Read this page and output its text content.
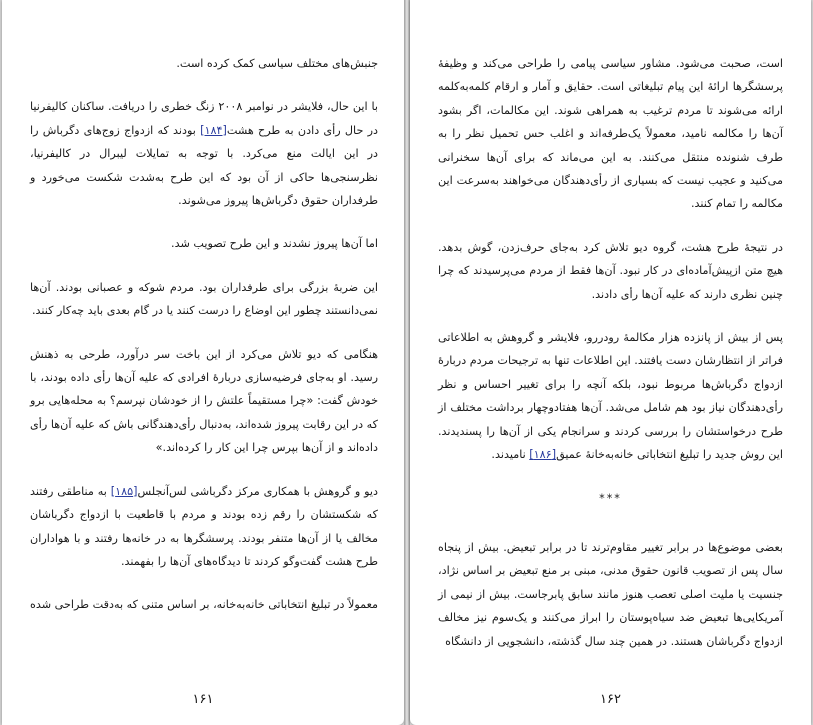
جنبش‌های مختلف سیاسی کمک کرده است.

با این حال، فلایشر در نوامبر ۲۰۰۸ زنگ خطری را دریافت. ساکنان کالیفرنیا در حال رأی دادن به طرح هشت[۱۸۴] بودند که ازدواج زوج‌های دگرباش را در این ایالت منع می‌کرد. با توجه به تمایلات لیبرال در کالیفرنیا، نظرسنجی‌ها حاکی از آن بود که این طرح به‌شدت شکست می‌خورد و طرفداران حقوق دگرباش‌ها پیروز می‌شوند.

اما آن‌ها پیروز نشدند و این طرح تصویب شد.

این ضربهٔ بزرگی برای طرفداران بود. مردم شوکه و عصبانی بودند. آن‌ها نمی‌دانستند چطور این اوضاع را درست کنند یا در گام بعدی باید چه‌کار کنند.

هنگامی که دیو تلاش می‌کرد از این باخت سر درآورد، طرحی به ذهنش رسید. او به‌جای فرضیه‌سازی دربارهٔ افرادی که علیه آن‌ها رأی داده بودند، با خودش گفت: «چرا مستقیماً علتش را از خودشان نپرسم؟ به محله‌هایی برو که در این رقابت پیروز شده‌اند، به‌دنبال رأی‌دهندگانی باش که علیه آن‌ها رأی داده‌اند و از آن‌ها بپرس چرا این کار را کرده‌اند.»

دیو و گروهش با همکاری مرکز دگرباشی لس‌آنجلس[۱۸۵] به مناطقی رفتند که شکستشان را رقم زده بودند و مردم با قاطعیت با ازدواج دگرباشان مخالف یا از آن‌ها متنفر بودند. پرسشگرها به در خانه‌ها رفتند و با هواداران طرح هشت گفت‌وگو کردند تا دیدگاه‌های آن‌ها را بفهمند.

معمولاً در تبلیغ انتخاباتی خانه‌به‌خانه، بر اساس متنی که به‌دقت طراحی شده

۱۶۱

است، صحبت می‌شود. مشاور سیاسی پیامی را طراحی می‌کند و وظیفهٔ پرسشگرها ارائهٔ این پیام تبلیغاتی است. حقایق و آمار و ارقام کلمه‌به‌کلمه ارائه می‌شوند تا مردم ترغیب به همراهی شوند. این مکالمات، اگر بشود آن‌ها را مکالمه نامید، معمولاً یک‌طرفه‌اند و اغلب حس تحمیل نظر را به طرف شنونده منتقل می‌کنند. به این می‌ماند که برای آن‌ها سخنرانی می‌کنید و عجیب نیست که بسیاری از رأی‌دهندگان می‌خواهند به‌سرعت این مکالمه را تمام کنند.

در نتیجهٔ طرح هشت، گروه دیو تلاش کرد به‌جای حرف‌زدن، گوش بدهد. هیچ متن ازپیش‌آماده‌ای در کار نبود. آن‌ها فقط از مردم می‌پرسیدند که چرا چنین نظری دارند که علیه آن‌ها رأی دادند.

پس از بیش از پانزده هزار مکالمهٔ رودررو، فلایشر و گروهش به اطلاعاتی فراتر از انتظارشان دست یافتند. این اطلاعات تنها به ترجیحات مردم دربارهٔ ازدواج دگرباش‌ها مربوط نبود، بلکه آنچه را برای تغییر احساس و نظر رأی‌دهندگان نیاز بود هم شامل می‌شد. آن‌ها هفتادوچهار برداشت مختلف از طرح درخواستشان را بررسی کردند و سرانجام یکی از آن‌ها را پسندیدند. این روش جدید را تبلیغ انتخاباتی خانه‌به‌خانهٔ عمیق[۱۸۶] نامیدند.

***

بعضی موضوع‌ها در برابر تغییر مقاوم‌ترند تا در برابر تبعیض. بیش از پنجاه سال پس از تصویب قانون حقوق مدنی، مبنی بر منع تبعیض بر اساس نژاد، جنسیت یا ملیت اصلی تعصب هنوز مانند سابق پابرجاست. بیش از نیمی از آمریکایی‌ها تبعیض ضد سیاه‌پوستان را ابراز می‌کنند و یک‌سوم نیز مخالف ازدواج دگرباشان هستند. در همین چند سال گذشته، دانشجویی از دانشگاه

۱۶۲
